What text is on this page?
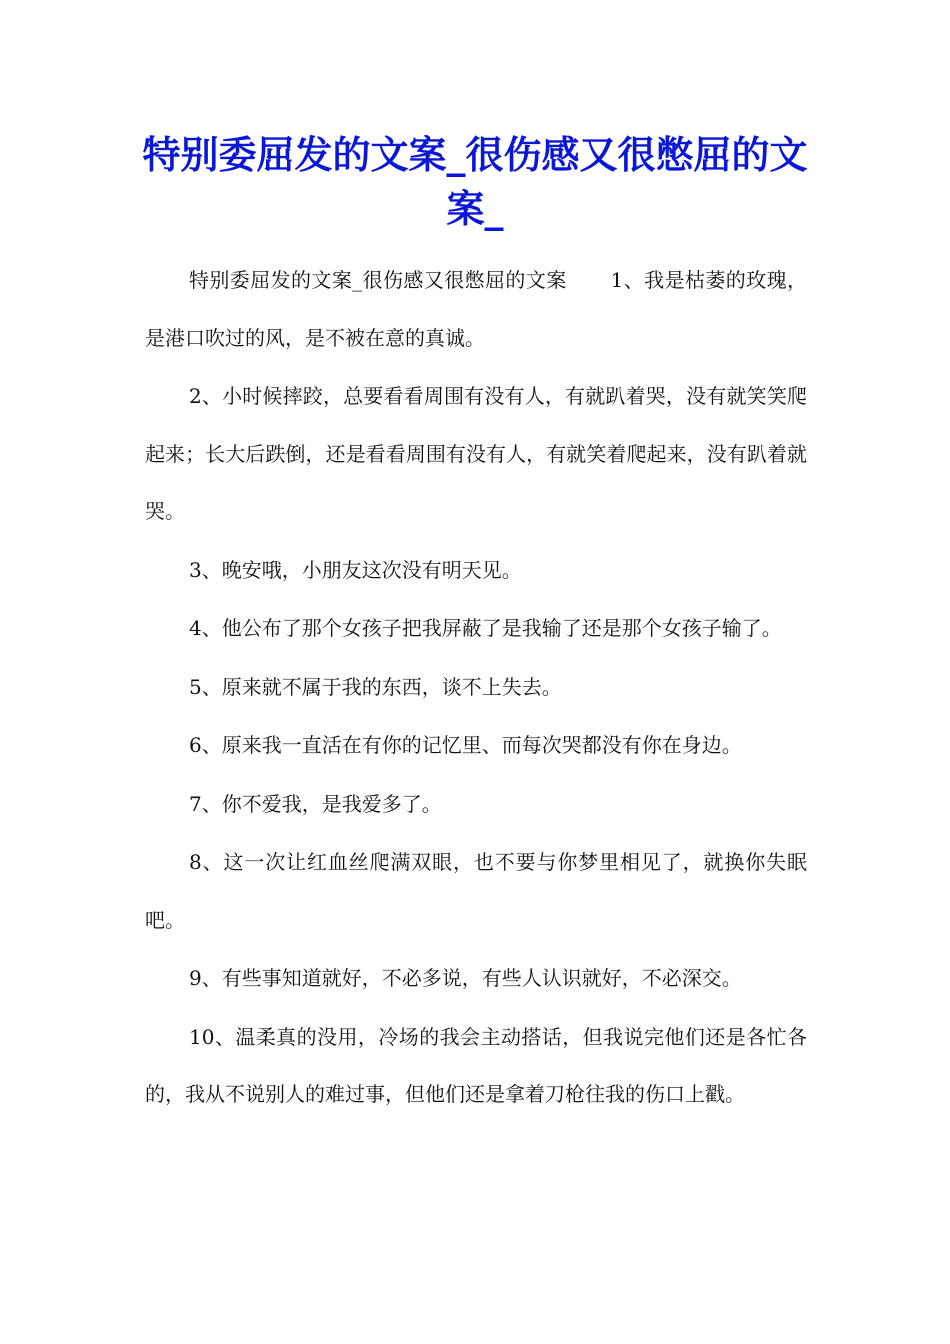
特别委屈发的文案_很伤感又很憋屈的文案_

特别委屈发的文案_很伤感又很憋屈的文案 1、我是枯萎的玫瑰，是港口吹过的风，是不被在意的真诚。

2、小时候摔跤，总要看看周围有没有人，有就趴着哭，没有就笑笑爬起来；长大后跌倒，还是看看周围有没有人，有就笑着爬起来，没有趴着就哭。

3、晚安哦，小朋友这次没有明天见。

4、他公布了那个女孩子把我屏蔽了是我输了还是那个女孩子输了。

5、原来就不属于我的东西，谈不上失去。

6、原来我一直活在有你的记忆里、而每次哭都没有你在身边。

7、你不爱我，是我爱多了。

8、这一次让红血丝爬满双眼，也不要与你梦里相见了，就换你失眠吧。

9、有些事知道就好，不必多说，有些人认识就好，不必深交。

10、温柔真的没用，冷场的我会主动搭话，但我说完他们还是各忙各的，我从不说别人的难过事，但他们还是拿着刀枪往我的伤口上戳。
